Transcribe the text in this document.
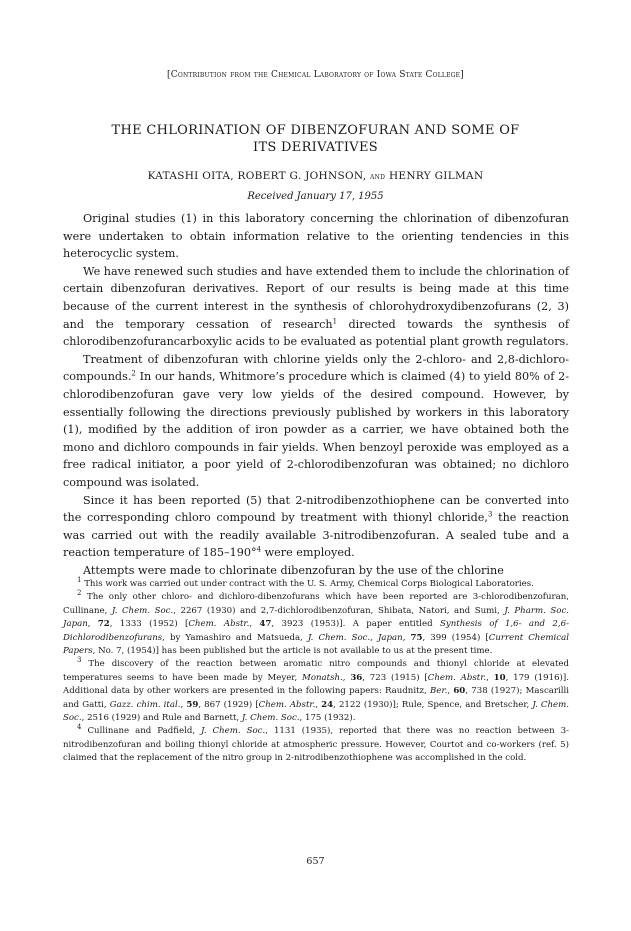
[Contribution from the Chemical Laboratory of Iowa State College]
THE CHLORINATION OF DIBENZOFURAN AND SOME OF
ITS DERIVATIVES
KATASHI OITA, ROBERT G. JOHNSON, and HENRY GILMAN
Received January 17, 1955

Original studies (1) in this laboratory concerning the chlorination of dibenzofuran were undertaken to obtain information relative to the orienting tendencies in this heterocyclic system.

We have renewed such studies and have extended them to include the chlorination of certain dibenzofuran derivatives. Report of our results is being made at this time because of the current interest in the synthesis of chlorohydroxydibenzofurans (2, 3) and the temporary cessation of research$^1$ directed towards the synthesis of chlorodibenzofurancarboxylic acids to be evaluated as potential plant growth regulators.

Treatment of dibenzofuran with chlorine yields only the 2-chloro- and 2,8-dichloro- compounds.$^2$ In our hands, Whitmore’s procedure which is claimed (4) to yield 80% of 2-chlorodibenzofuran gave very low yields of the desired compound. However, by essentially following the directions previously published by workers in this laboratory (1), modified by the addition of iron powder as a carrier, we have obtained both the mono and dichloro compounds in fair yields. When benzoyl peroxide was employed as a free radical initiator, a poor yield of 2-chlorodibenzofuran was obtained; no dichloro compound was isolated.

Since it has been reported (5) that 2-nitrodibenzothiophene can be converted into the corresponding chloro compound by treatment with thionyl chloride,$^3$ the reaction was carried out with the readily available 3-nitrodibenzofuran. A sealed tube and a reaction temperature of 185–190°$^4$ were employed.

Attempts were made to chlorinate dibenzofuran by the use of the chlorine

$^1$ This work was carried out under contract with the U. S. Army, Chemical Corps Biological Laboratories.

$^2$ The only other chloro- and dichloro-dibenzofurans which have been reported are 3-chlorodibenzofuran, Cullinane, J. Chem. Soc., 2267 (1930) and 2,7-dichlorodibenzofuran, Shibata, Natori, and Sumi, J. Pharm. Soc. Japan, 72, 1333 (1952) [Chem. Abstr., 47, 3923 (1953)]. A paper entitled Synthesis of 1,6- and 2,6-Dichlorodibenzofurans, by Yamashiro and Matsueda, J. Chem. Soc., Japan, 75, 399 (1954) [Current Chemical Papers, No. 7, (1954)] has been published but the article is not available to us at the present time.

$^3$ The discovery of the reaction between aromatic nitro compounds and thionyl chloride at elevated temperatures seems to have been made by Meyer, Monatsh., 36, 723 (1915) [Chem. Abstr., 10, 179 (1916)]. Additional data by other workers are presented in the following papers: Raudnitz, Ber., 60, 738 (1927); Mascarilli and Gatti, Gazz. chim. ital., 59, 867 (1929) [Chem. Abstr., 24, 2122 (1930)]; Rule, Spence, and Bretscher, J. Chem. Soc., 2516 (1929) and Rule and Barnett, J. Chem. Soc., 175 (1932).

$^4$ Cullinane and Padfield, J. Chem. Soc., 1131 (1935), reported that there was no reaction between 3-nitrodibenzofuran and boiling thionyl chloride at atmospheric pressure. However, Courtot and co-workers (ref. 5) claimed that the replacement of the nitro group in 2-nitrodibenzothiophene was accomplished in the cold.

657
